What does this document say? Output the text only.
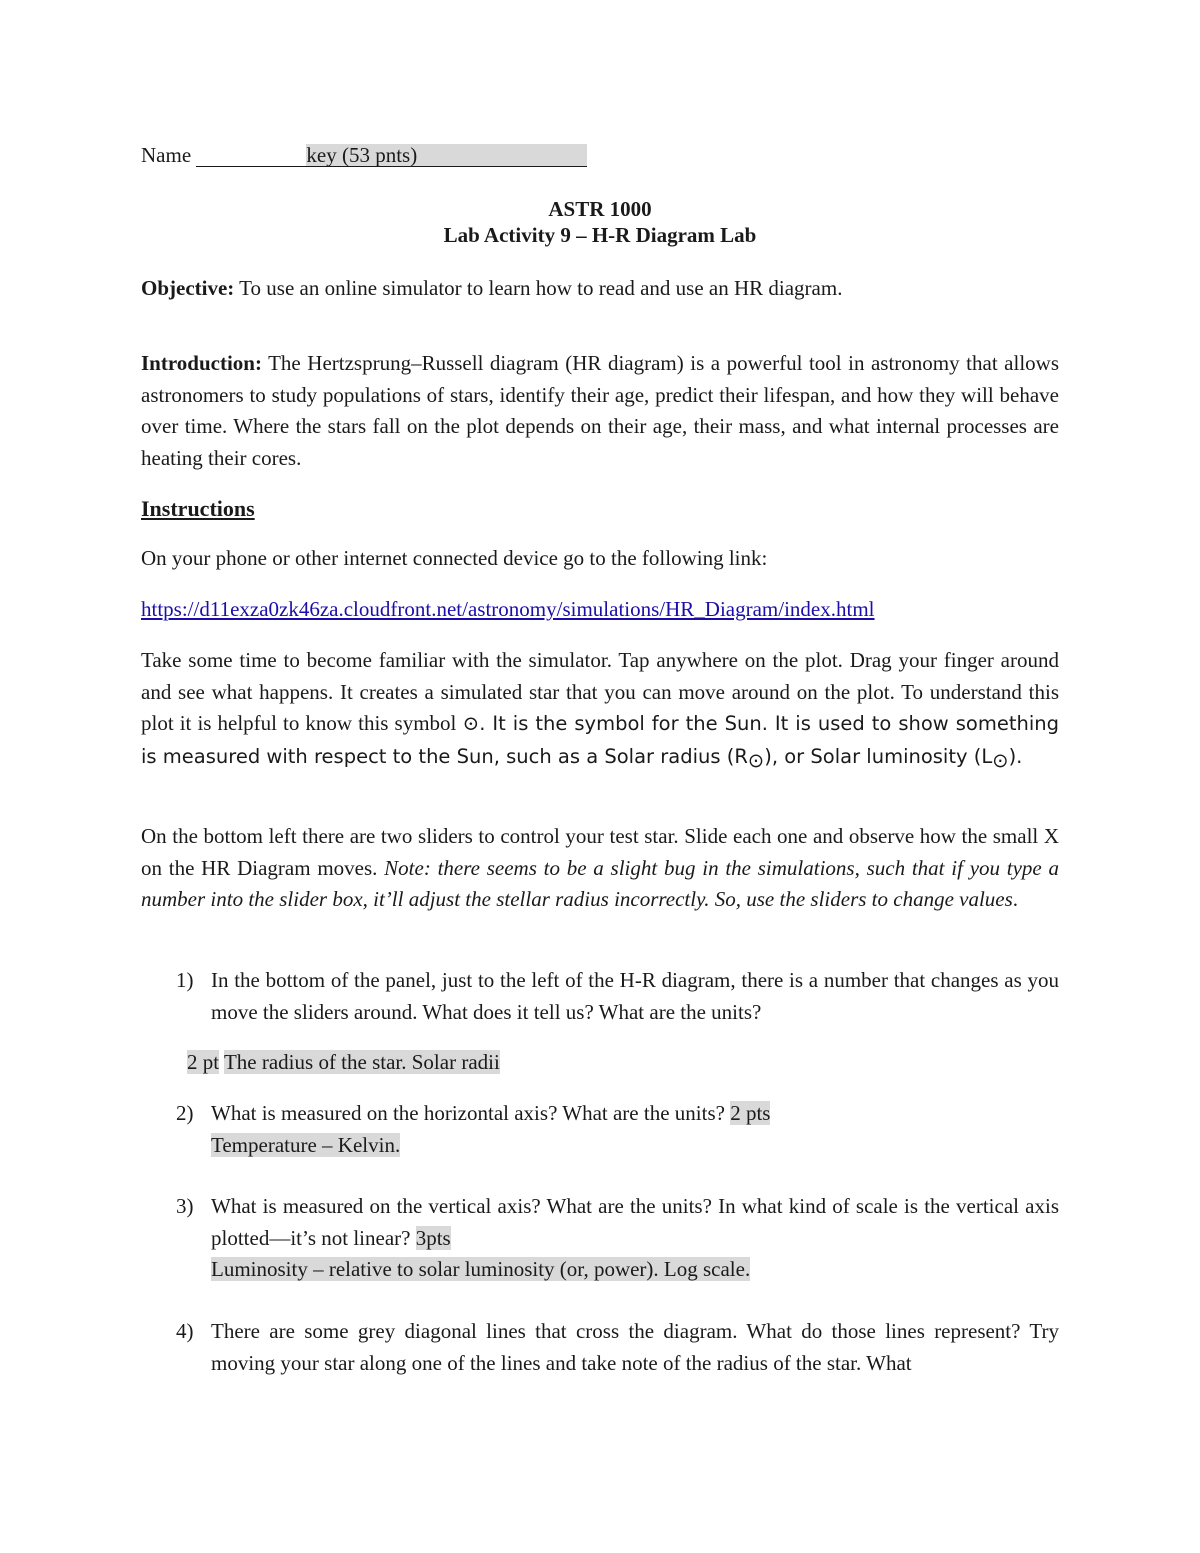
Name	key (53 pnts)

ASTR 1000

Lab Activity 9 – H-R Diagram Lab

Objective: To use an online simulator to learn how to read and use an HR diagram.

Introduction: The Hertzsprung–Russell diagram (HR diagram) is a powerful tool in astronomy that allows astronomers to study populations of stars, identify their age, predict their lifespan, and how they will behave over time. Where the stars fall on the plot depends on their age, their mass, and what internal processes are heating their cores.

Instructions

On your phone or other internet connected device go to the following link:

https://d11exza0zk46za.cloudfront.net/astronomy/simulations/HR_Diagram/index.html

Take some time to become familiar with the simulator. Tap anywhere on the plot. Drag your finger around and see what happens. It creates a simulated star that you can move around on the plot. To understand this plot it is helpful to know this symbol ⊙. It is the symbol for the Sun. It is used to show something is measured with respect to the Sun, such as a Solar radius (R⊙), or Solar luminosity (L⊙).

On the bottom left there are two sliders to control your test star. Slide each one and observe how the small X on the HR Diagram moves. Note: there seems to be a slight bug in the simulations, such that if you type a number into the slider box, it’ll adjust the stellar radius incorrectly. So, use the sliders to change values.

1) In the bottom of the panel, just to the left of the H-R diagram, there is a number that changes as you move the sliders around. What does it tell us? What are the units?

2 pt The radius of the star. Solar radii

2) What is measured on the horizontal axis? What are the units? 2 pts
Temperature – Kelvin.

3) What is measured on the vertical axis? What are the units? In what kind of scale is the vertical axis plotted—it’s not linear? 3pts

Luminosity – relative to solar luminosity (or, power). Log scale.

4) There are some grey diagonal lines that cross the diagram. What do those lines represent? Try moving your star along one of the lines and take note of the radius of the star. What
